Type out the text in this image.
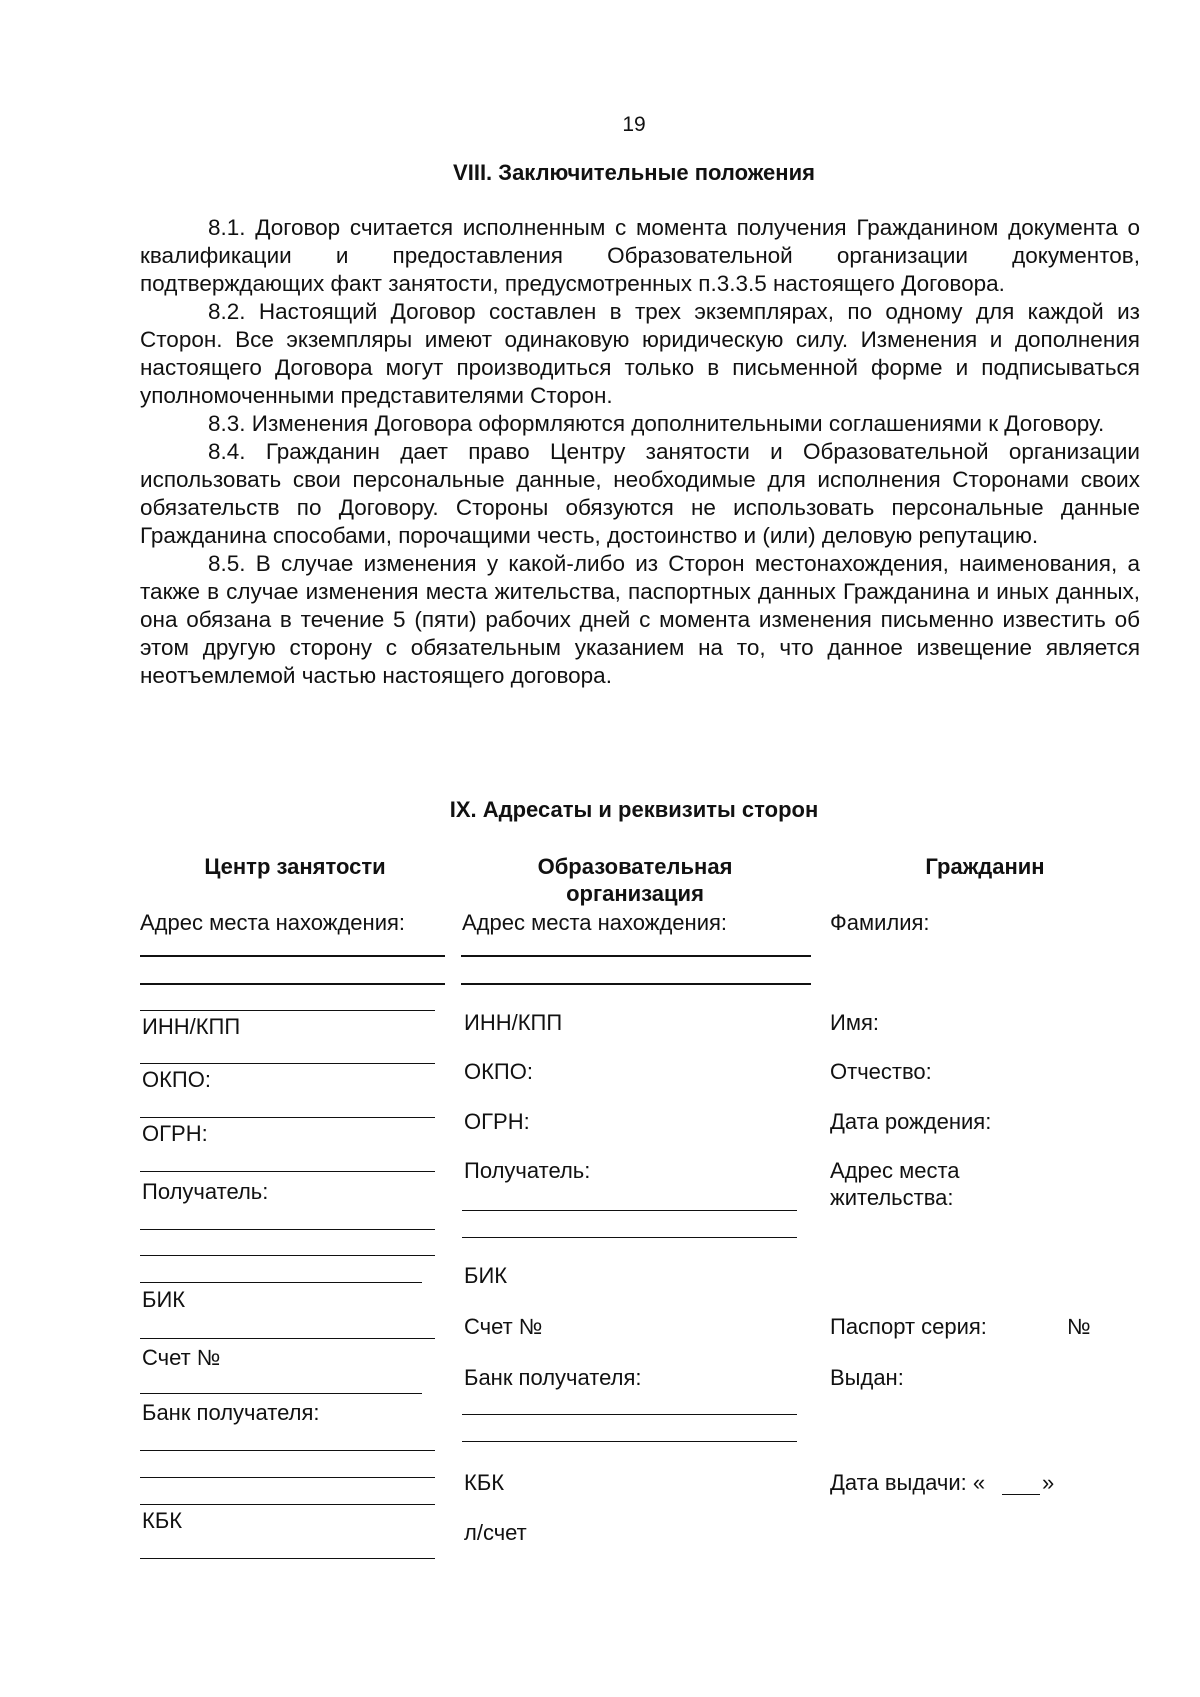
19
VIII. Заключительные положения

8.1. Договор считается исполненным с момента получения Гражданином документа о квалификации и предоставления Образовательной организации документов, подтверждающих факт занятости, предусмотренных п.3.3.5 настоящего Договора.

8.2. Настоящий Договор составлен в трех экземплярах, по одному для каждой из Сторон. Все экземпляры имеют одинаковую юридическую силу. Изменения и дополнения настоящего Договора могут производиться только в письменной форме и подписываться уполномоченными представителями Сторон.

8.3. Изменения Договора оформляются дополнительными соглашениями к Договору.

8.4. Гражданин дает право Центру занятости и Образовательной организации использовать свои персональные данные, необходимые для исполнения Сторонами своих обязательств по Договору. Стороны обязуются не использовать персональные данные Гражданина способами, порочащими честь, достоинство и (или) деловую репутацию.

8.5. В случае изменения у какой-либо из Сторон местонахождения, наименования, а также в случае изменения места жительства, паспортных данных Гражданина и иных данных, она обязана в течение 5 (пяти) рабочих дней с момента изменения письменно известить об этом другую сторону с обязательным указанием на то, что данное извещение является неотъемлемой частью настоящего договора.

IX. Адресаты и реквизиты сторон
Центр занятости
Адрес места нахождения:
ИНН/КПП
ОКПО:
ОГРН:
Получатель:
БИК
Счет №
Банк получателя:
КБК
Образовательная
организация
Адрес места нахождения:
ИНН/КПП
ОКПО:
ОГРН:
Получатель:
БИК
Счет №
Банк получателя:
КБК
л/счет
Гражданин
Фамилия:
Имя:
Отчество:
Дата рождения:
Адрес места
жительства:
Паспорт серия:	№
Выдан:
Дата выдачи: «	»
